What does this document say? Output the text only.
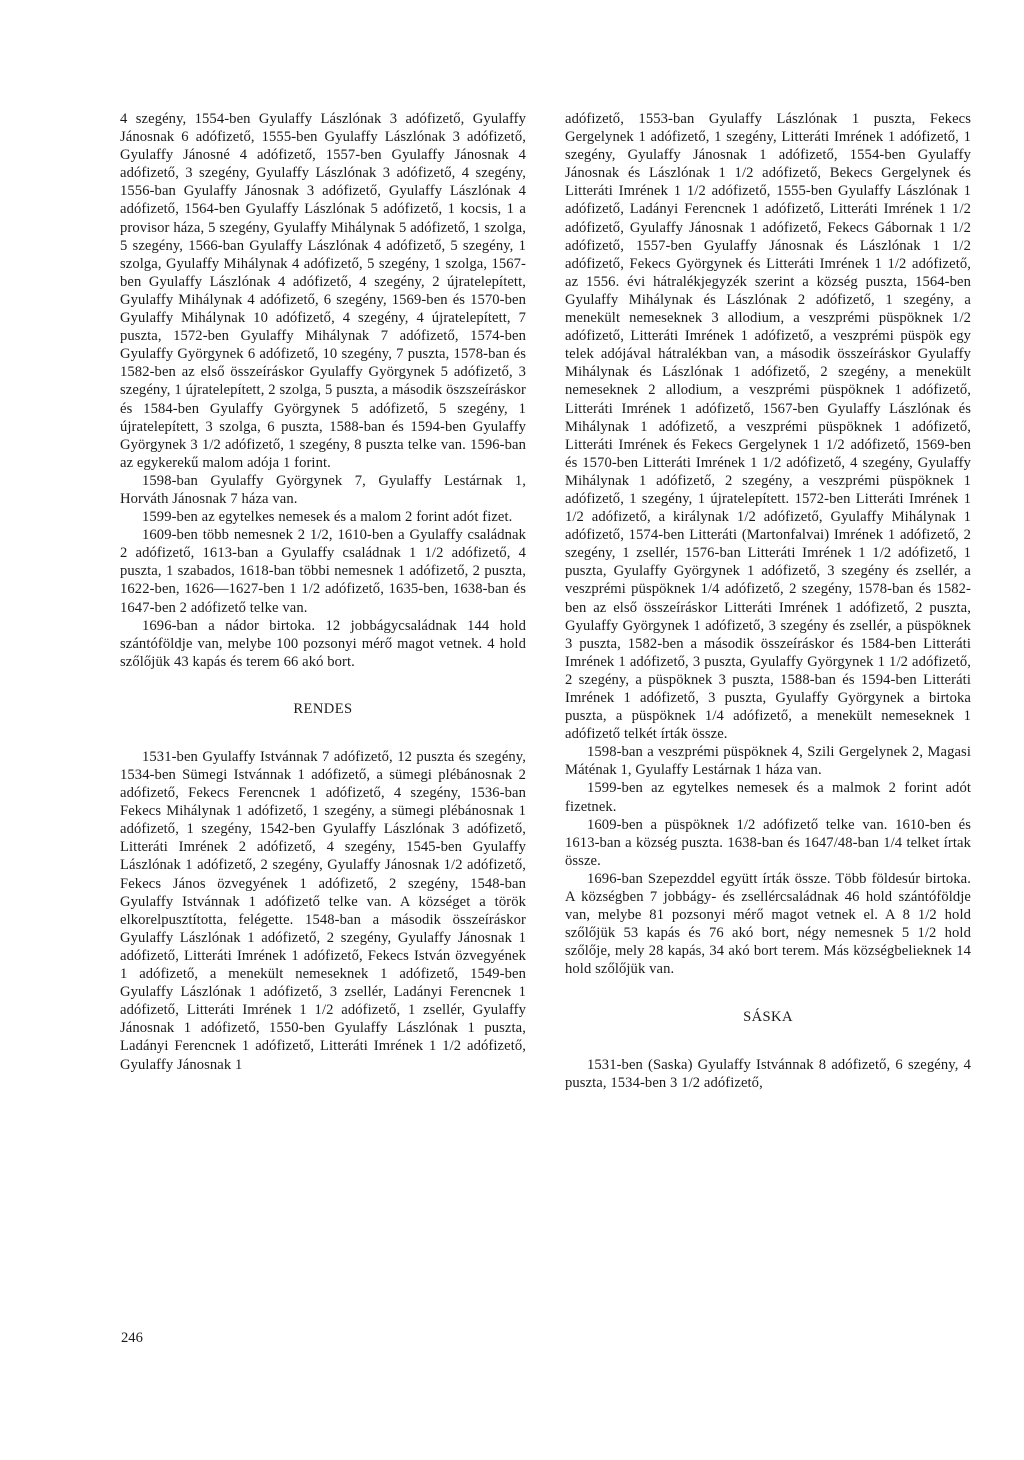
4 szegény, 1554-ben Gyulaffy Lászlónak 3 adófizető, Gyulaffy Jánosnak 6 adófizető, 1555-ben Gyulaffy Lászlónak 3 adófizető, Gyulaffy Jánosné 4 adófizető, 1557-ben Gyulaffy Jánosnak 4 adófizető, 3 szegény, Gyulaffy Lászlónak 3 adófizető, 4 szegény, 1556-ban Gyulaffy Jánosnak 3 adófizető, Gyulaffy Lászlónak 4 adófizető, 1564-ben Gyulaffy Lászlónak 5 adófizető, 1 kocsis, 1 a provisor háza, 5 szegény, Gyulaffy Mihálynak 5 adófizető, 1 szolga, 5 szegény, 1566-ban Gyulaffy Lászlónak 4 adófizető, 5 szegény, 1 szolga, Gyulaffy Mihálynak 4 adófizető, 5 szegény, 1 szolga, 1567-ben Gyulaffy Lászlónak 4 adófizető, 4 szegény, 2 újratelepített, Gyulaffy Mihálynak 4 adófizető, 6 szegény, 1569-ben és 1570-ben Gyulaffy Mihálynak 10 adófizető, 4 szegény, 4 újratelepített, 7 puszta, 1572-ben Gyulaffy Mihálynak 7 adófizető, 1574-ben Gyulaffy Györgynek 6 adófizető, 10 szegény, 7 puszta, 1578-ban és 1582-ben az első összeíráskor Gyulaffy Györgynek 5 adófizető, 3 szegény, 1 újratelepített, 2 szolga, 5 puszta, a második öszszeíráskor és 1584-ben Gyulaffy Györgynek 5 adófizető, 5 szegény, 1 újratelepített, 3 szolga, 6 puszta, 1588-ban és 1594-ben Gyulaffy Györgynek 3 1/2 adófizető, 1 szegény, 8 puszta telke van. 1596-ban az egykerekű malom adója 1 forint.

1598-ban Gyulaffy Györgynek 7, Gyulaffy Lestárnak 1, Horváth Jánosnak 7 háza van.

1599-ben az egytelkes nemesek és a malom 2 forint adót fizet.

1609-ben több nemesnek 2 1/2, 1610-ben a Gyulaffy családnak 2 adófizető, 1613-ban a Gyulaffy családnak 1 1/2 adófizető, 4 puszta, 1 szabados, 1618-ban többi nemesnek 1 adófizető, 2 puszta, 1622-ben, 1626—1627-ben 1 1/2 adófizető, 1635-ben, 1638-ban és 1647-ben 2 adófizető telke van.

1696-ban a nádor birtoka. 12 jobbágycsaládnak 144 hold szántóföldje van, melybe 100 pozsonyi mérő magot vetnek. 4 hold szőlőjük 43 kapás és terem 66 akó bort.

RENDES

1531-ben Gyulaffy Istvánnak 7 adófizető, 12 puszta és szegény, 1534-ben Sümegi Istvánnak 1 adófizető, a sümegi plébánosnak 2 adófizető, Fekecs Ferencnek 1 adófizető, 4 szegény, 1536-ban Fekecs Mihálynak 1 adófizető, 1 szegény, a sümegi plébánosnak 1 adófizető, 1 szegény, 1542-ben Gyulaffy Lászlónak 3 adófizető, Litteráti Imrének 2 adófizető, 4 szegény, 1545-ben Gyulaffy Lászlónak 1 adófizető, 2 szegény, Gyulaffy Jánosnak 1/2 adófizető, Fekecs János özvegyének 1 adófizető, 2 szegény, 1548-ban Gyulaffy Istvánnak 1 adófizető telke van. A községet a török elkorelpusztította, felégette. 1548-ban a második összeíráskor Gyulaffy Lászlónak 1 adófizető, 2 szegény, Gyulaffy Jánosnak 1 adófizető, Litteráti Imrének 1 adófizető, Fekecs István özvegyének 1 adófizető, a menekült nemeseknek 1 adófizető, 1549-ben Gyulaffy Lászlónak 1 adófizető, 3 zsellér, Ladányi Ferencnek 1 adófizető, Litteráti Imrének 1 1/2 adófizető, 1 zsellér, Gyulaffy Jánosnak 1 adófizető, 1550-ben Gyulaffy Lászlónak 1 puszta, Ladányi Ferencnek 1 adófizető, Litteráti Imrének 1 1/2 adófizető, Gyulaffy Jánosnak 1

adófizető, 1553-ban Gyulaffy Lászlónak 1 puszta, Fekecs Gergelynek 1 adófizető, 1 szegény, Litteráti Imrének 1 adófizető, 1 szegény, Gyulaffy Jánosnak 1 adófizető, 1554-ben Gyulaffy Jánosnak és Lászlónak 1 1/2 adófizető, Bekecs Gergelynek és Litteráti Imrének 1 1/2 adófizető, 1555-ben Gyulaffy Lászlónak 1 adófizető, Ladányi Ferencnek 1 adófizető, Litteráti Imrének 1 1/2 adófizető, Gyulaffy Jánosnak 1 adófizető, Fekecs Gábornak 1 1/2 adófizető, 1557-ben Gyulaffy Jánosnak és Lászlónak 1 1/2 adófizető, Fekecs Györgynek és Litteráti Imrének 1 1/2 adófizető, az 1556. évi hátralékjegyzék szerint a község puszta, 1564-ben Gyulaffy Mihálynak és Lászlónak 2 adófizető, 1 szegény, a menekült nemeseknek 3 allodium, a veszprémi püspöknek 1/2 adófizető, Litteráti Imrének 1 adófizető, a veszprémi püspök egy telek adójával hátralékban van, a második összeíráskor Gyulaffy Mihálynak és Lászlónak 1 adófizető, 2 szegény, a menekült nemeseknek 2 allodium, a veszprémi püspöknek 1 adófizető, Litteráti Imrének 1 adófizető, 1567-ben Gyulaffy Lászlónak és Mihálynak 1 adófizető, a veszprémi püspöknek 1 adófizető, Litteráti Imrének és Fekecs Gergelynek 1 1/2 adófizető, 1569-ben és 1570-ben Litteráti Imrének 1 1/2 adófizető, 4 szegény, Gyulaffy Mihálynak 1 adófizető, 2 szegény, a veszprémi püspöknek 1 adófizető, 1 szegény, 1 újratelepített. 1572-ben Litteráti Imrének 1 1/2 adófizető, a királynak 1/2 adófizető, Gyulaffy Mihálynak 1 adófizető, 1574-ben Litteráti (Martonfalvai) Imrének 1 adófizető, 2 szegény, 1 zsellér, 1576-ban Litteráti Imrének 1 1/2 adófizető, 1 puszta, Gyulaffy Györgynek 1 adófizető, 3 szegény és zsellér, a veszprémi püspöknek 1/4 adófizető, 2 szegény, 1578-ban és 1582-ben az első összeíráskor Litteráti Imrének 1 adófizető, 2 puszta, Gyulaffy Györgynek 1 adófizető, 3 szegény és zsellér, a püspöknek 3 puszta, 1582-ben a második összeíráskor és 1584-ben Litteráti Imrének 1 adófizető, 3 puszta, Gyulaffy Györgynek 1 1/2 adófizető, 2 szegény, a püspöknek 3 puszta, 1588-ban és 1594-ben Litteráti Imrének 1 adófizető, 3 puszta, Gyulaffy Györgynek a birtoka puszta, a püspöknek 1/4 adófizető, a menekült nemeseknek 1 adófizető telkét írták össze.

1598-ban a veszprémi püspöknek 4, Szili Gergelynek 2, Magasi Máténak 1, Gyulaffy Lestárnak 1 háza van.

1599-ben az egytelkes nemesek és a malmok 2 forint adót fizetnek.

1609-ben a püspöknek 1/2 adófizető telke van. 1610-ben és 1613-ban a község puszta. 1638-ban és 1647/48-ban 1/4 telket írtak össze.

1696-ban Szepezddel együtt írták össze. Több földesúr birtoka. A községben 7 jobbágy- és zsellércsaládnak 46 hold szántóföldje van, melybe 81 pozsonyi mérő magot vetnek el. A 8 1/2 hold szőlőjük 53 kapás és 76 akó bort, négy nemesnek 5 1/2 hold szőlője, mely 28 kapás, 34 akó bort terem. Más községbelieknek 14 hold szőlőjük van.

SÁSKA

1531-ben (Saska) Gyulaffy Istvánnak 8 adófizető, 6 szegény, 4 puszta, 1534-ben 3 1/2 adófizető,

246
